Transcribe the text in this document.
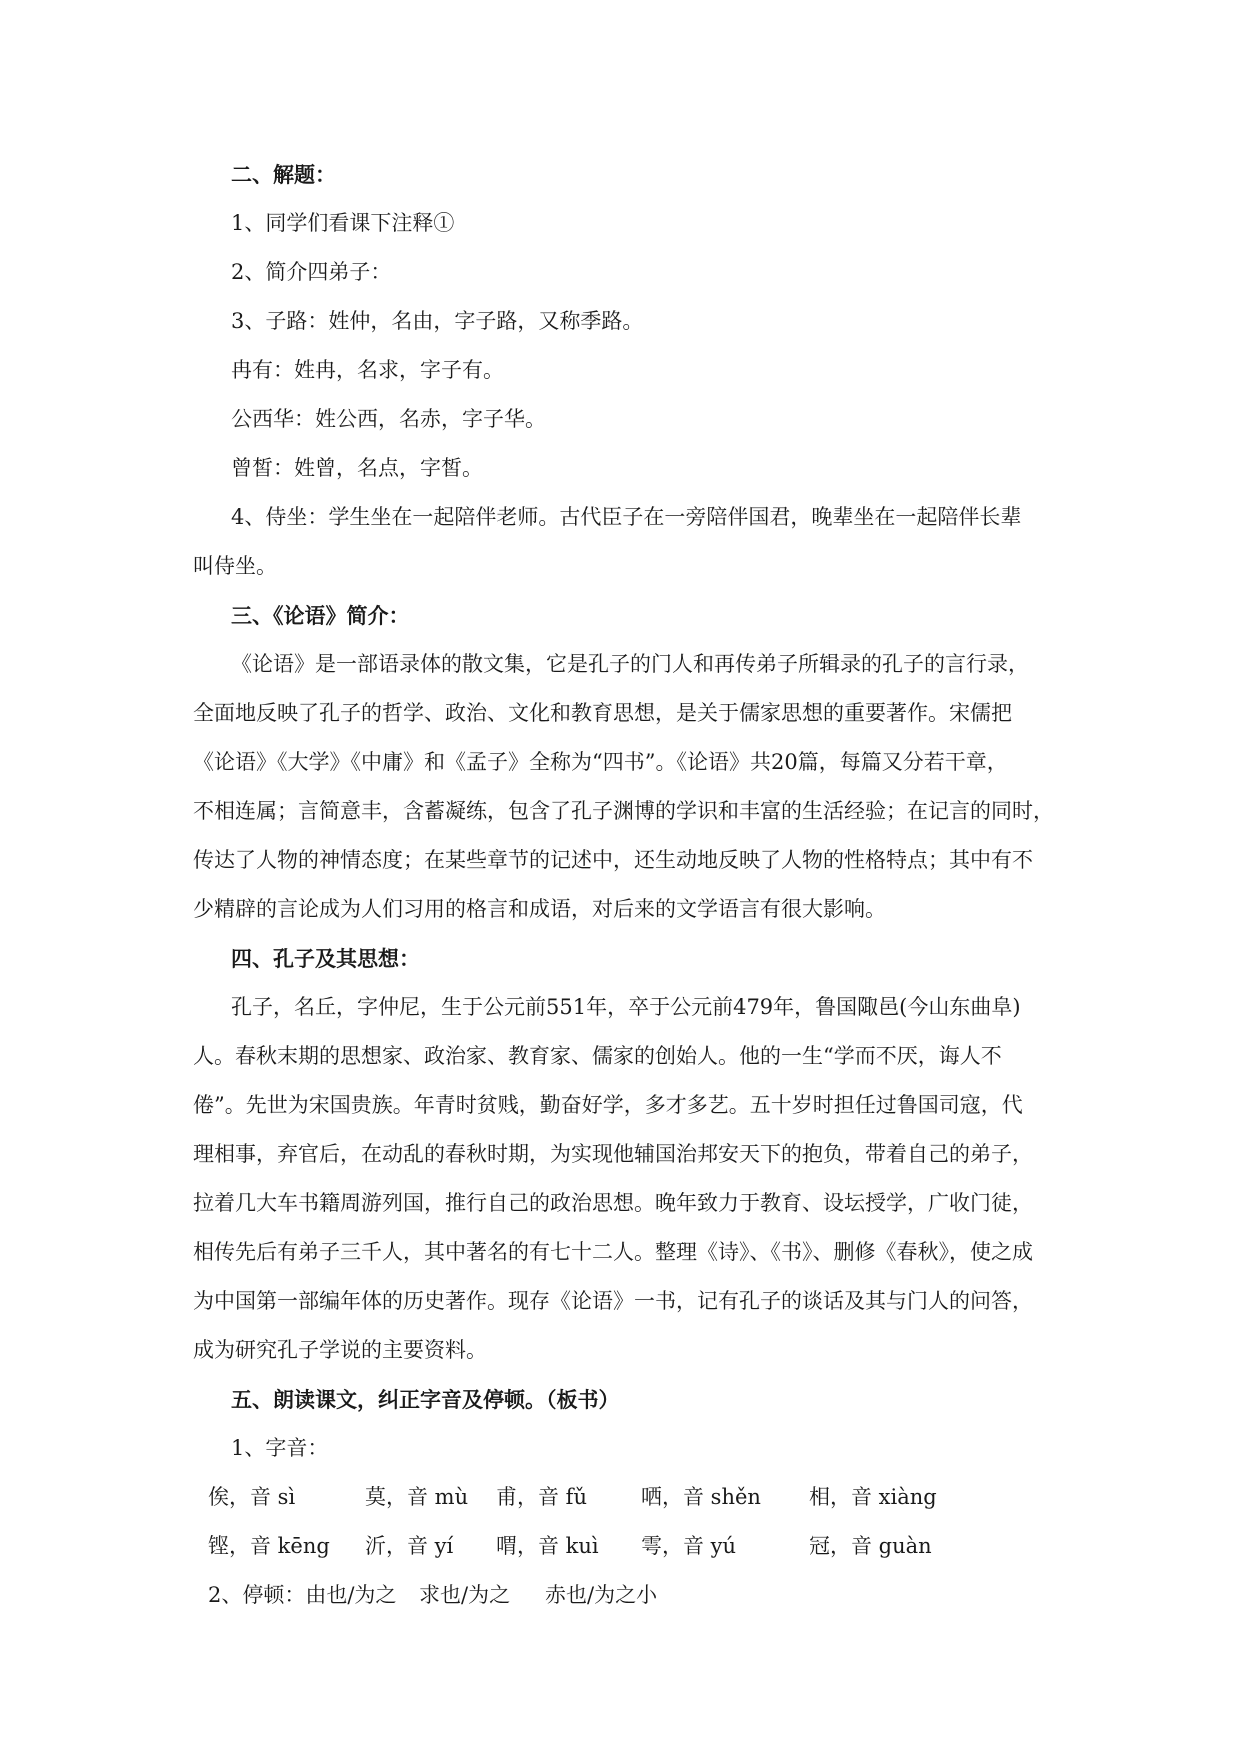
二、解题：
1、同学们看课下注释①
2、简介四弟子：
3、子路：姓仲，名由，字子路，又称季路。
冉有：姓冉，名求，字子有。
公西华：姓公西，名赤，字子华。
曾皙：姓曾，名点，字皙。
4、侍坐：学生坐在一起陪伴老师。古代臣子在一旁陪伴国君，晚辈坐在一起陪伴长辈
叫侍坐。
三、《论语》简介：
《论语》是一部语录体的散文集，它是孔子的门人和再传弟子所辑录的孔子的言行录，
全面地反映了孔子的哲学、政治、文化和教育思想，是关于儒家思想的重要著作。宋儒把
《论语》《大学》《中庸》和《孟子》全称为“四书”。《论语》共20篇，每篇又分若干章，
不相连属；言简意丰，含蓄凝练，包含了孔子渊博的学识和丰富的生活经验；在记言的同时，
传达了人物的神情态度；在某些章节的记述中，还生动地反映了人物的性格特点；其中有不
少精辟的言论成为人们习用的格言和成语，对后来的文学语言有很大影响。
四、孔子及其思想：
孔子，名丘，字仲尼，生于公元前551年，卒于公元前479年，鲁国陬邑(今山东曲阜)
人。春秋末期的思想家、政治家、教育家、儒家的创始人。他的一生“学而不厌，诲人不
倦”。先世为宋国贵族。年青时贫贱，勤奋好学，多才多艺。五十岁时担任过鲁国司寇，代
理相事，弃官后，在动乱的春秋时期，为实现他辅国治邦安天下的抱负，带着自己的弟子，
拉着几大车书籍周游列国，推行自己的政治思想。晚年致力于教育、设坛授学，广收门徒，
相传先后有弟子三千人，其中著名的有七十二人。整理《诗》、《书》、删修《春秋》，使之成
为中国第一部编年体的历史著作。现存《论语》一书，记有孔子的谈话及其与门人的问答，
成为研究孔子学说的主要资料。
五、朗读课文，纠正字音及停顿。（板书）
1、字音：
俟，音 sì	莫，音 mù 甫，音 fǔ	哂，音 shěn 相，音 xiàng
铿，音 kēng 沂，音 yí 喟，音 kuì 雩，音 yú	冠，音 guàn
2、停顿：由也/为之 求也/为之 赤也/为之小
